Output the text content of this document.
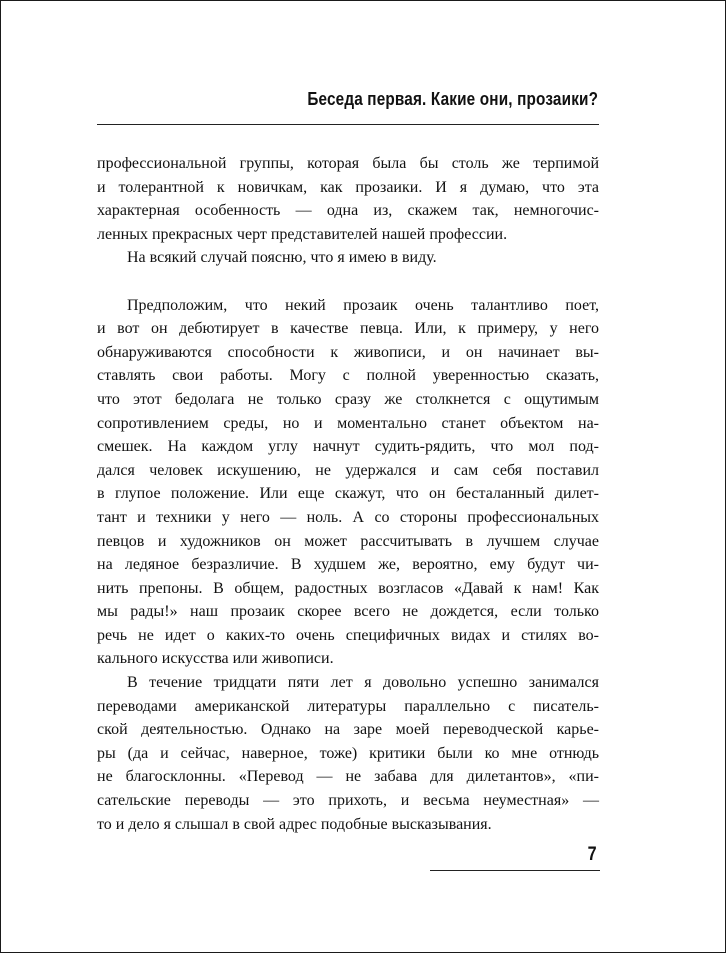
Беседа первая. Какие они, прозаики?
профессиональной группы, которая была бы столь же терпимой
и толерантной к новичкам, как прозаики. И я думаю, что эта
характерная особенность — одна из, скажем так, немногочис-
ленных прекрасных черт представителей нашей профессии.
На всякий случай поясню, что я имею в виду.
Предположим, что некий прозаик очень талантливо поет,
и вот он дебютирует в качестве певца. Или, к примеру, у него
обнаруживаются способности к живописи, и он начинает вы-
ставлять свои работы. Могу с полной уверенностью сказать,
что этот бедолага не только сразу же столкнется с ощутимым
сопротивлением среды, но и моментально станет объектом на-
смешек. На каждом углу начнут судить-рядить, что мол под-
дался человек искушению, не удержался и сам себя поставил
в глупое положение. Или еще скажут, что он бесталанный дилет-
тант и техники у него — ноль. А со стороны профессиональных
певцов и художников он может рассчитывать в лучшем случае
на ледяное безразличие. В худшем же, вероятно, ему будут чи-
нить препоны. В общем, радостных возгласов «Давай к нам! Как
мы рады!» наш прозаик скорее всего не дождется, если только
речь не идет о каких-то очень специфичных видах и стилях во-
кального искусства или живописи.
В течение тридцати пяти лет я довольно успешно занимался
переводами американской литературы параллельно с писатель-
ской деятельностью. Однако на заре моей переводческой карье-
ры (да и сейчас, наверное, тоже) критики были ко мне отнюдь
не благосклонны. «Перевод — не забава для дилетантов», «пи-
сательские переводы — это прихоть, и весьма неуместная» —
то и дело я слышал в свой адрес подобные высказывания.
7
